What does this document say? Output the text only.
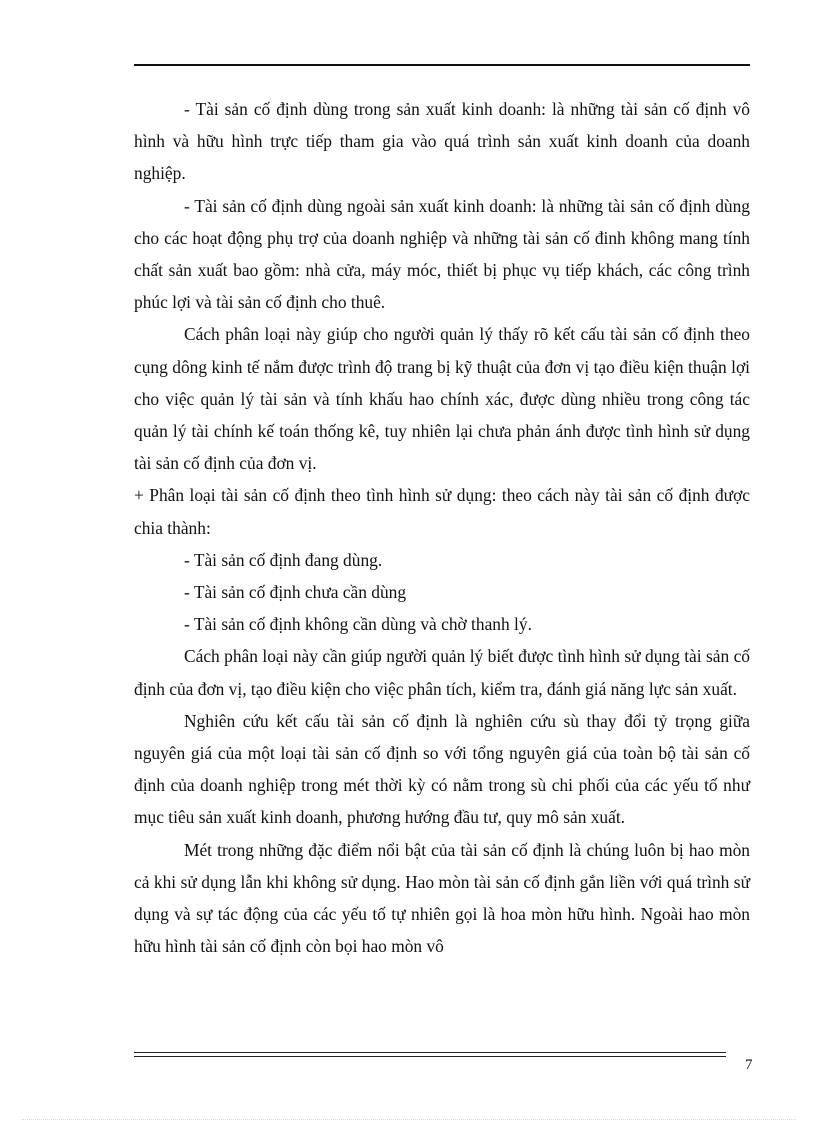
- Tài sản cố định dùng trong sản xuất kinh doanh: là những tài sản cố định vô hình và hữu hình trực tiếp tham gia vào quá trình sản xuất kinh doanh của doanh nghiệp.

- Tài sản cố định dùng ngoài sản xuất kinh doanh: là những tài sản cố định dùng cho các hoạt động phụ trợ của doanh nghiệp và những tài sản cố đinh không mang tính chất sản xuất bao gồm: nhà cửa, máy móc, thiết bị phục vụ tiếp khách, các công trình phúc lợi và tài sản cố định cho thuê.

Cách phân loại này giúp cho người quản lý thấy rõ kết cấu tài sản cố định theo cụng dông kinh tế nắm được trình độ trang bị kỹ thuật của đơn vị tạo điều kiện thuận lợi cho việc quản lý tài sản và tính khấu hao chính xác, được dùng nhiều trong công tác quản lý tài chính kế toán thống kê, tuy nhiên lại chưa phản ánh được tình hình sử dụng tài sản cố định của đơn vị.

+ Phân loại tài sản cố định theo tình hình sử dụng: theo cách này tài sản cố định được chia thành:

- Tài sản cố định đang dùng.

- Tài sản cố định chưa cần dùng

- Tài sản cố định không cần dùng và chờ thanh lý.

Cách phân loại này cần giúp người quản lý biết được tình hình sử dụng tài sản cố định của đơn vị, tạo điều kiện cho việc phân tích, kiểm tra, đánh giá năng lực sản xuất.

Nghiên cứu kết cấu tài sản cố định là nghiên cứu sù thay đổi tỷ trọng giữa nguyên giá của một loại tài sản cố định so với tổng nguyên giá của toàn bộ tài sản cố định của doanh nghiệp trong mét thời kỳ có nằm trong sù chi phối của các yếu tố như mục tiêu sản xuất kinh doanh, phương hướng đầu tư, quy mô sản xuất.

Mét trong những đặc điểm nổi bật của tài sản cố định là chúng luôn bị hao mòn cả khi sử dụng lẫn khi không sử dụng. Hao mòn tài sản cố định gắn liền với quá trình sử dụng và sự tác động của các yếu tố tự nhiên gọi là hoa mòn hữu hình. Ngoài hao mòn hữu hình tài sản cố định còn bọi hao mòn vô

7
